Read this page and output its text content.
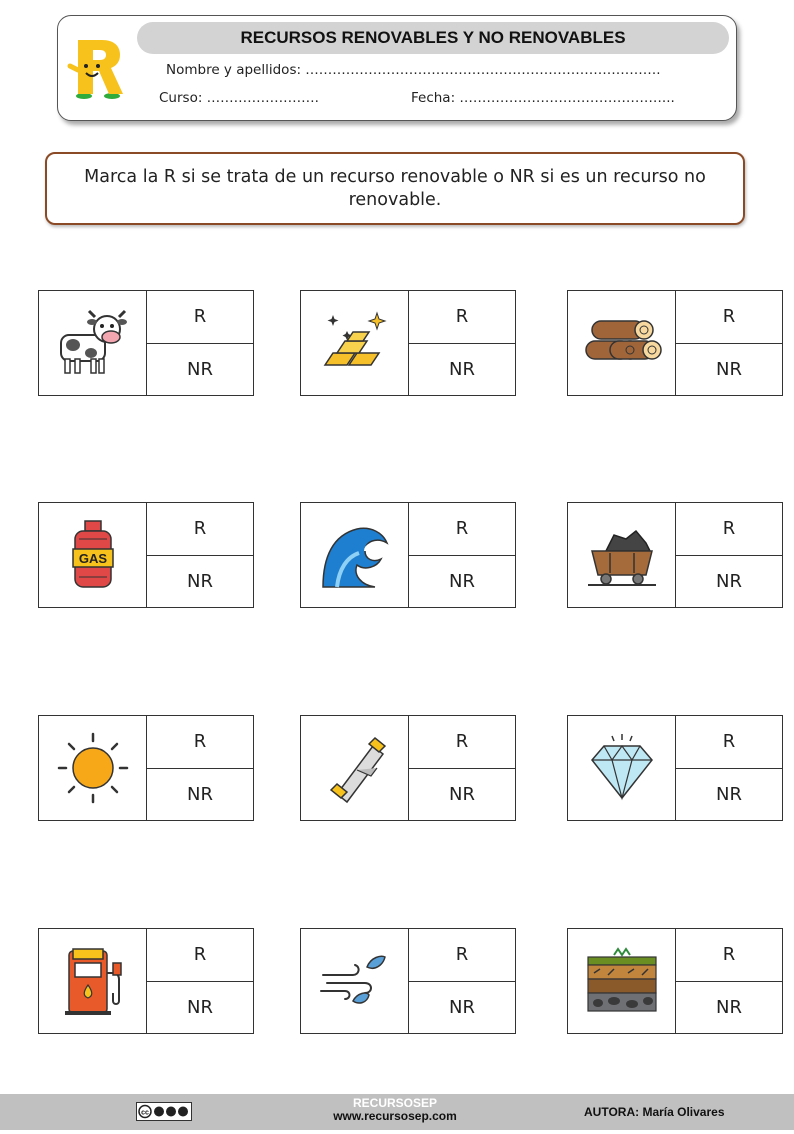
RECURSOS RENOVABLES Y NO RENOVABLES
Nombre y apellidos: …………………………………………………………………….
Curso: …………………….	Fecha: ………………………………………...
Marca la R si se trata de un recurso renovable o NR si es un recurso no renovable.
R
NR
R
NR
R
NR
GAS
R
NR
R
NR
R
NR
R
NR
R
NR
R
NR
R
NR
R
NR
R
NR
cc
RECURSOSEP
www.recursosep.com	AUTORA: María Olivares
